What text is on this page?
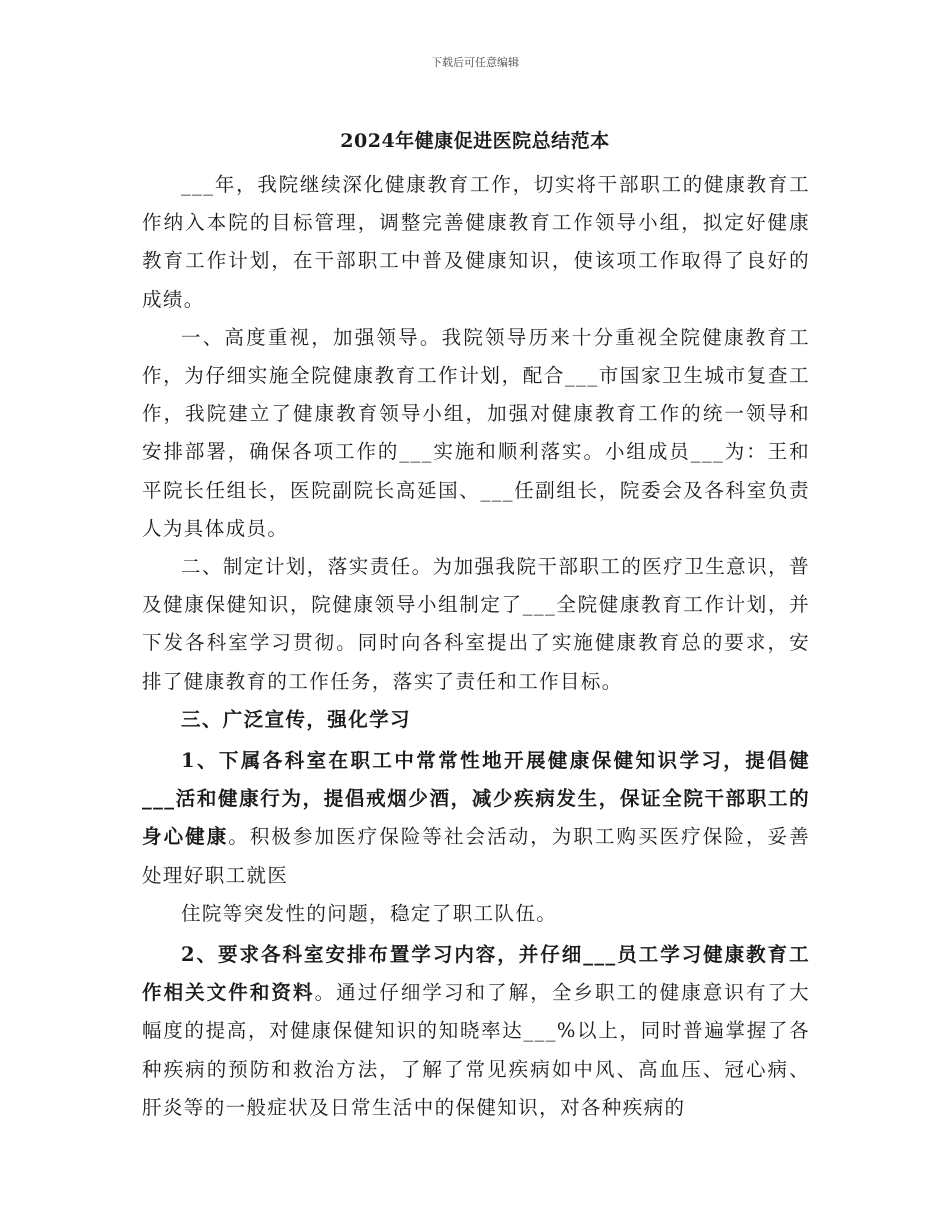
下载后可任意编辑
2024年健康促进医院总结范本

___年，我院继续深化健康教育工作，切实将干部职工的健康教育工作纳入本院的目标管理，调整完善健康教育工作领导小组，拟定好健康教育工作计划，在干部职工中普及健康知识，使该项工作取得了良好的成绩。

一、高度重视，加强领导。我院领导历来十分重视全院健康教育工作，为仔细实施全院健康教育工作计划，配合___市国家卫生城市复查工作，我院建立了健康教育领导小组，加强对健康教育工作的统一领导和安排部署，确保各项工作的___实施和顺利落实。小组成员___为：王和平院长任组长，医院副院长高延国、___任副组长，院委会及各科室负责人为具体成员。

二、制定计划，落实责任。为加强我院干部职工的医疗卫生意识，普及健康保健知识，院健康领导小组制定了___全院健康教育工作计划，并下发各科室学习贯彻。同时向各科室提出了实施健康教育总的要求，安排了健康教育的工作任务，落实了责任和工作目标。

三、广泛宣传，强化学习

1、下属各科室在职工中常常性地开展健康保健知识学习，提倡健___活和健康行为，提倡戒烟少酒，减少疾病发生，保证全院干部职工的身心健康。积极参加医疗保险等社会活动，为职工购买医疗保险，妥善处理好职工就医

住院等突发性的问题，稳定了职工队伍。

2、要求各科室安排布置学习内容，并仔细___员工学习健康教育工作相关文件和资料。通过仔细学习和了解，全乡职工的健康意识有了大幅度的提高，对健康保健知识的知晓率达___%以上，同时普遍掌握了各种疾病的预防和救治方法，了解了常见疾病如中风、高血压、冠心病、肝炎等的一般症状及日常生活中的保健知识，对各种疾病的
